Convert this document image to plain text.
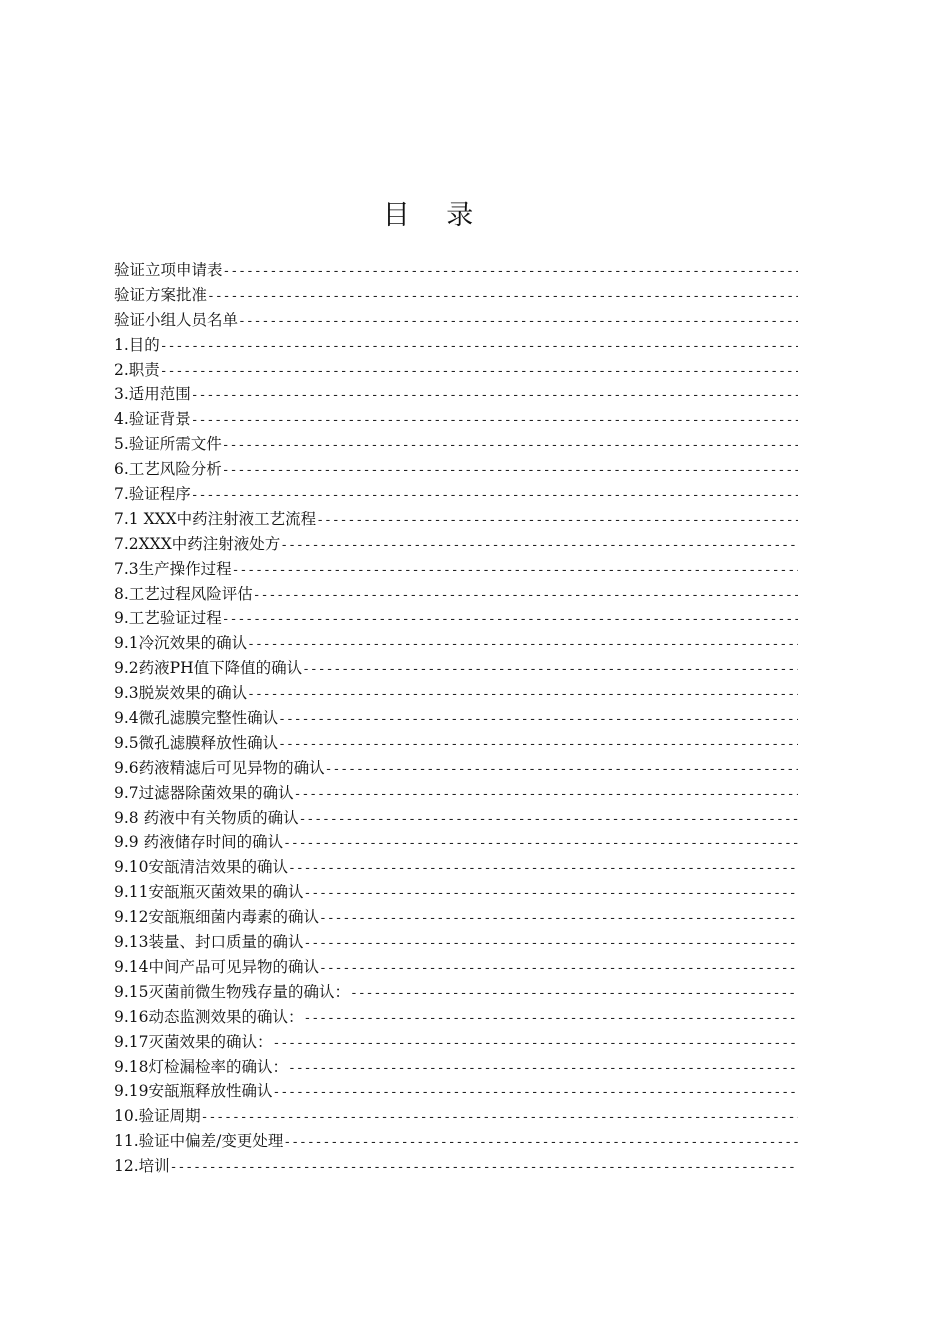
目 录
验证立项申请表
-----
验证方案批准
-----
验证小组人员名单
-----
1.目的
-----
2.职责
-----
3.适用范围
-----
4.验证背景
-----
5.验证所需文件
-----
6.工艺风险分析
-----
7.验证程序
-----
7.1 XXX中药注射液工艺流程
-----
7.2XXX中药注射液处方
-----
7.3生产操作过程
-----
8.工艺过程风险评估
-----
9.工艺验证过程
-----
9.1冷沉效果的确认
-----
9.2药液PH值下降值的确认
-----
9.3脱炭效果的确认
-----
9.4微孔滤膜完整性确认
-----
9.5微孔滤膜释放性确认
-----
9.6药液精滤后可见异物的确认
-----
9.7过滤器除菌效果的确认
-----
9.8 药液中有关物质的确认
-----
9.9 药液储存时间的确认
-----
9.10安瓿清洁效果的确认
-----
9.11安瓿瓶灭菌效果的确认
-----
9.12安瓿瓶细菌内毒素的确认
-----
9.13装量、封口质量的确认
-----
9.14中间产品可见异物的确认
-----
9.15灭菌前微生物残存量的确认：
-----
9.16动态监测效果的确认：
-----
9.17灭菌效果的确认：
-----
9.18灯检漏检率的确认：
-----
9.19安瓿瓶释放性确认
-----
10.验证周期
-----
11.验证中偏差/变更处理
-----
12.培训
-----
